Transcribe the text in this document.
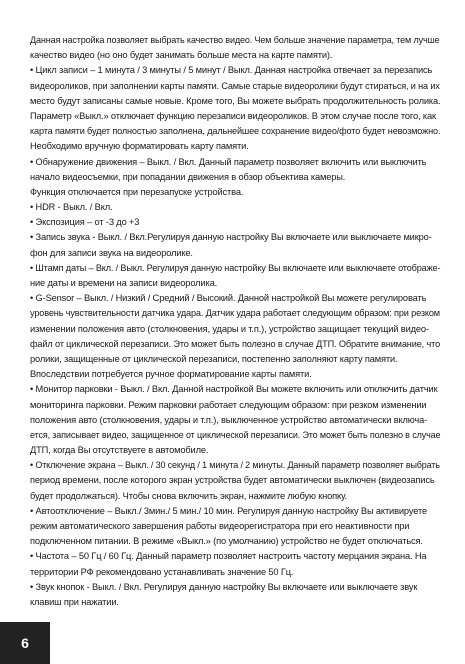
Данная настройка позволяет выбрать качество видео. Чем больше значение параметра, тем лучше
качество видео (но оно будет занимать больше места на карте памяти).
• Цикл записи – 1 минута / 3 минуты / 5 минут / Выкл. Данная настройка отвечает за перезапись
видеороликов, при заполнении карты памяти. Самые старые видеоролики будут стираться, и на их
место будут записаны самые новые. Кроме того, Вы можете выбрать продолжительность ролика.
Параметр «Выкл.» отключает функцию перезаписи видеороликов. В этом случае после того, как
карта памяти будет полностью заполнена, дальнейшее сохранение видео/фото будет невозможно.
Необходимо вручную форматировать карту памяти.
• Обнаружение движения – Выкл. / Вкл. Данный параметр позволяет включить или выключить
начало видеосъемки, при попадании движения в обзор объектива камеры.
Функция отключается при перезапуске устройства.
• HDR - Выкл. / Вкл.
• Экспозиция – от -3 до +3
• Запись звука - Выкл. / Вкл.Регулируя данную настройку Вы включаете или выключаете микро-
фон для записи звука на видеоролике.
• Штамп даты – Вкл. / Выкл. Регулируя данную настройку Вы включаете или выключаете отображе-
ние даты и времени на записи видеоролика.
• G-Sensor – Выкл. / Низкий / Средний / Высокий. Данной настройкой Вы можете регулировать
уровень чувствительности датчика удара. Датчик удара работает следующим образом: при резком
изменении положения авто (столкновения, удары и т.п.), устройство защищает текущий видео-
файл от циклической перезаписи. Это может быть полезно в случае ДТП. Обратите внимание, что
ролики, защищенные от циклической перезаписи, постепенно заполняют карту памяти.
Впоследствии потребуется ручное форматирование карты памяти.
• Монитор парковки - Выкл. / Вкл. Данной настройкой Вы можете включить или отключить датчик
мониторинга парковки. Режим парковки работает следующим образом: при резком изменении
положения авто (столкновения, удары и т.п.), выключенное устройство автоматически включа-
ется, записывает видео, защищенное от циклической перезаписи. Это может быть полезно в случае
ДТП, когда Вы отсутствуете в автомобиле.
• Отключение экрана – Выкл. / 30 секунд / 1 минута / 2 минуты. Данный параметр позволяет выбрать
период времени, после которого экран устройства будет автоматически выключен (видеозапись
будет продолжаться). Чтобы снова включить экран, нажмите любую кнопку.
• Автоотключение – Выкл./ 3мин./ 5 мин./ 10 мин. Регулируя данную настройку Вы активируете
режим автоматического завершения работы видеорегистратора при его неактивности при
подключенном питании. В режиме «Выкл.» (по умолчанию) устройство не будет отключаться.
• Частота – 50 Гц / 60 Гц. Данный параметр позволяет настроить частоту мерцания экрана. На
территории РФ рекомендовано устанавливать значение 50 Гц.
• Звук кнопок - Выкл. / Вкл. Регулируя данную настройку Вы включаете или выключаете звук
клавиш при нажатии.
6
